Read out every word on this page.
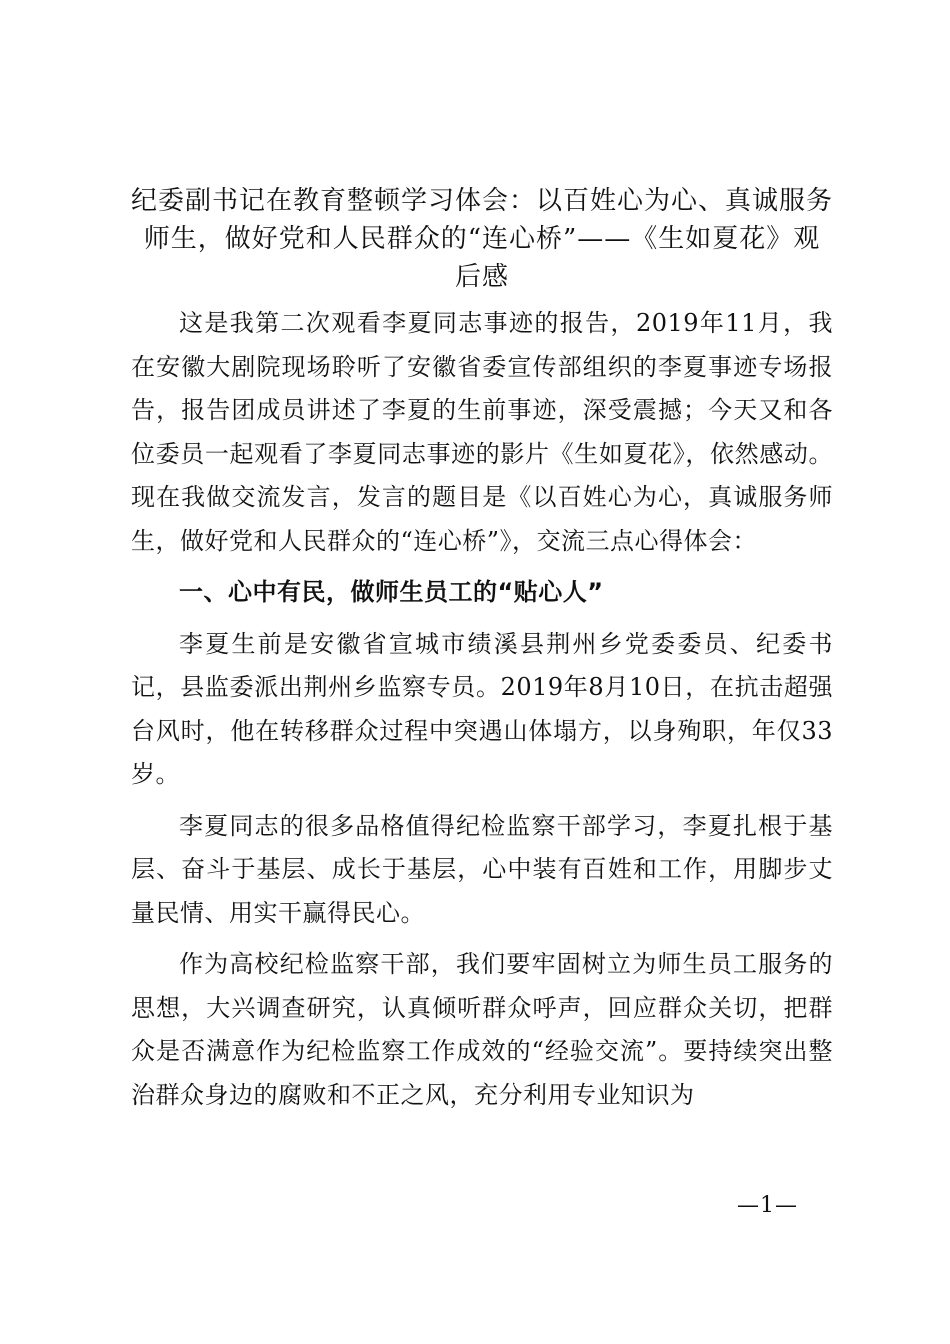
纪委副书记在教育整顿学习体会：以百姓心为心、真诚服务师生，做好党和人民群众的“连心桥”——《生如夏花》观后感

这是我第二次观看李夏同志事迹的报告，2019年11月，我在安徽大剧院现场聆听了安徽省委宣传部组织的李夏事迹专场报告，报告团成员讲述了李夏的生前事迹，深受震撼；今天又和各位委员一起观看了李夏同志事迹的影片《生如夏花》，依然感动。现在我做交流发言，发言的题目是《以百姓心为心，真诚服务师生，做好党和人民群众的“连心桥”》，交流三点心得体会：

一、心中有民，做师生员工的“贴心人”

李夏生前是安徽省宣城市绩溪县荆州乡党委委员、纪委书记，县监委派出荆州乡监察专员。2019年8月10日，在抗击超强台风时，他在转移群众过程中突遇山体塌方，以身殉职，年仅33岁。

李夏同志的很多品格值得纪检监察干部学习，李夏扎根于基层、奋斗于基层、成长于基层，心中装有百姓和工作，用脚步丈量民情、用实干赢得民心。

作为高校纪检监察干部，我们要牢固树立为师生员工服务的思想，大兴调查研究，认真倾听群众呼声，回应群众关切，把群众是否满意作为纪检监察工作成效的“经验交流”。要持续突出整治群众身边的腐败和不正之风，充分利用专业知识为

—1—
